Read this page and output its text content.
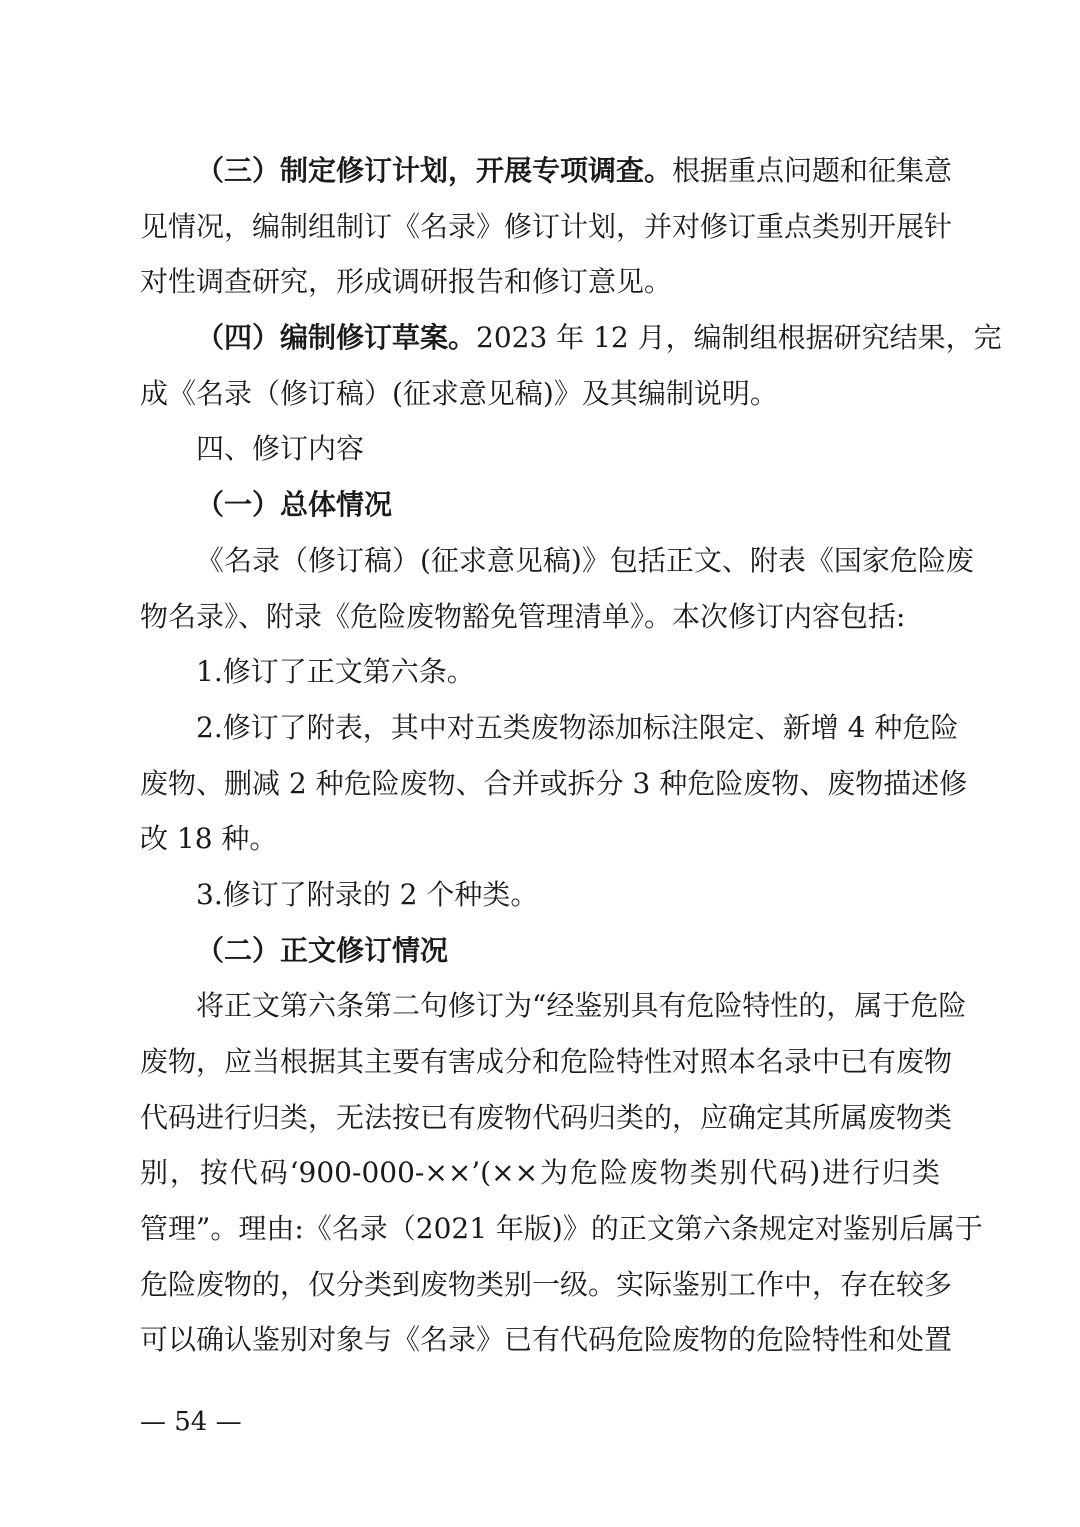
（三）制定修订计划，开展专项调查。根据重点问题和征集意
见情况，编制组制订《名录》修订计划，并对修订重点类别开展针
对性调查研究，形成调研报告和修订意见。
（四）编制修订草案。2023 年 12 月，编制组根据研究结果，完
成《名录（修订稿）(征求意见稿)》及其编制说明。
四、修订内容
（一）总体情况
《名录（修订稿）(征求意见稿)》包括正文、附表《国家危险废
物名录》、附录《危险废物豁免管理清单》。本次修订内容包括:
1.修订了正文第六条。
2.修订了附表，其中对五类废物添加标注限定、新增 4 种危险
废物、删减 2 种危险废物、合并或拆分 3 种危险废物、废物描述修
改 18 种。
3.修订了附录的 2 个种类。
（二）正文修订情况
将正文第六条第二句修订为“经鉴别具有危险特性的，属于危险
废物，应当根据其主要有害成分和危险特性对照本名录中已有废物
代码进行归类，无法按已有废物代码归类的，应确定其所属废物类
别，按代码‘900-000-××’(××为危险废物类别代码)进行归类
管理”。理由:《名录（2021 年版)》的正文第六条规定对鉴别后属于
危险废物的，仅分类到废物类别一级。实际鉴别工作中，存在较多
可以确认鉴别对象与《名录》已有代码危险废物的危险特性和处置
— 54 —
